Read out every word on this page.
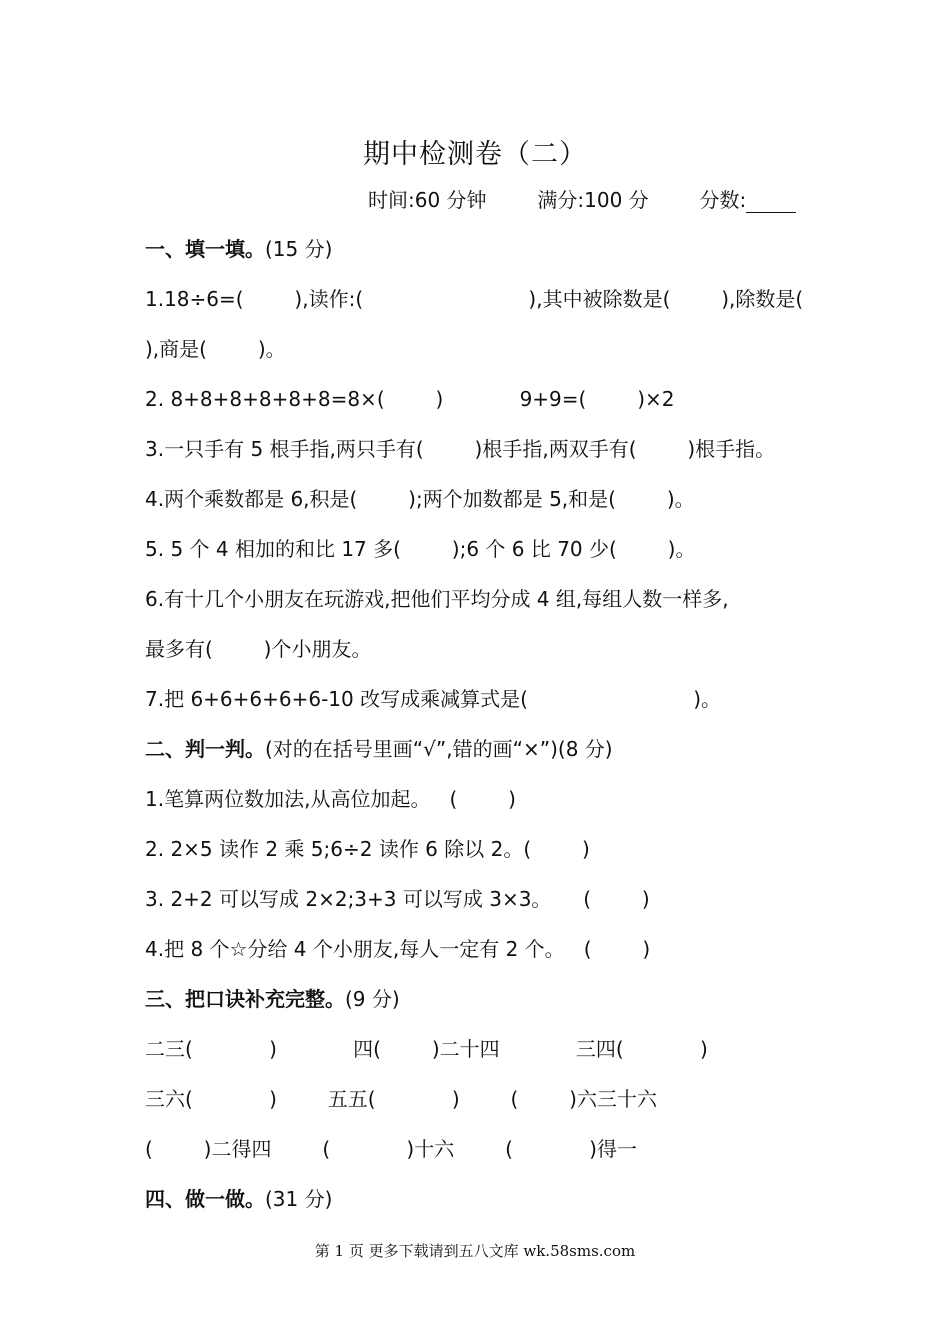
期中检测卷（二）
时间:60 分钟	满分:100 分	分数:
一、填一填。(15 分)
1.18÷6=(        ),读作:(                          ),其中被除数是(        ),除数是(
),商是(        )。
2. 8+8+8+8+8+8=8×(        )            9+9=(        )×2
3.一只手有 5 根手指,两只手有(        )根手指,两双手有(        )根手指。
4.两个乘数都是 6,积是(        );两个加数都是 5,和是(        )。
5. 5 个 4 相加的和比 17 多(        );6 个 6 比 70 少(        )。
6.有十几个小朋友在玩游戏,把他们平均分成 4 组,每组人数一样多,
最多有(        )个小朋友。
7.把 6+6+6+6+6-10 改写成乘减算式是(                          )。
二、判一判。(对的在括号里画“√”,错的画“×”)(8 分)
1.笔算两位数加法,从高位加起。   (        )
2. 2×5 读作 2 乘 5;6÷2 读作 6 除以 2。(        )
3. 2+2 可以写成 2×2;3+3 可以写成 3×3。     (        )
4.把 8 个☆分给 4 个小朋友,每人一定有 2 个。   (        )
三、把口诀补充完整。(9 分)
二三(            )            四(        )二十四            三四(            )
三六(            )        五五(            )        (        )六三十六
(        )二得四        (            )十六        (            )得一
四、做一做。(31 分)
第 1 页 更多下载请到五八文库 wk.58sms.com
